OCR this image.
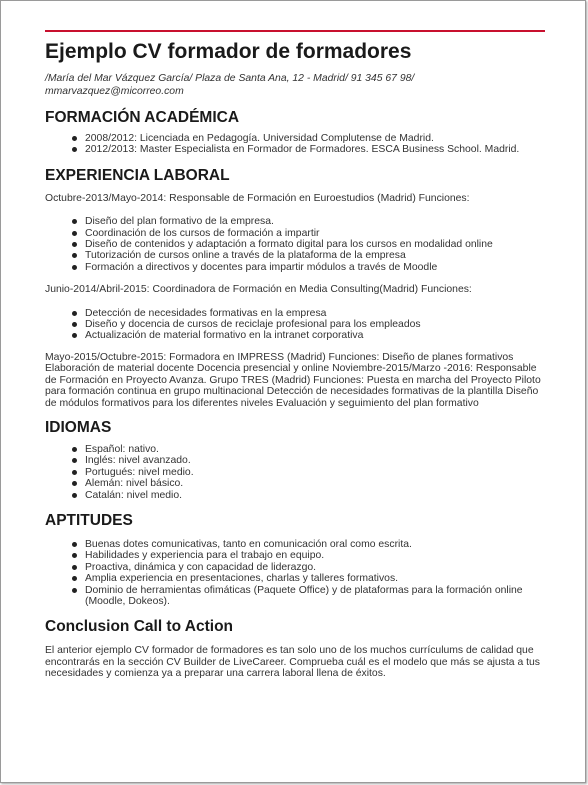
Ejemplo CV formador de formadores
/María del Mar Vázquez García/ Plaza de Santa Ana, 12 - Madrid/ 91 345 67 98/ mmarvazquez@micorreo.com
FORMACIÓN ACADÉMICA
2008/2012: Licenciada en Pedagogía. Universidad Complutense de Madrid.
2012/2013: Master Especialista en Formador de Formadores. ESCA Business School. Madrid.
EXPERIENCIA LABORAL
Octubre-2013/Mayo-2014: Responsable de Formación en Euroestudios (Madrid) Funciones:
Diseño del plan formativo de la empresa.
Coordinación de los cursos de formación a impartir
Diseño de contenidos y adaptación a formato digital para los cursos en modalidad online
Tutorización de cursos online a través de la plataforma de la empresa
Formación a directivos y docentes para impartir módulos a través de Moodle
Junio-2014/Abril-2015: Coordinadora de Formación en Media Consulting(Madrid) Funciones:
Detección de necesidades formativas en la empresa
Diseño y docencia de cursos de reciclaje profesional para los empleados
Actualización de material formativo en la intranet corporativa
Mayo-2015/Octubre-2015: Formadora en IMPRESS (Madrid) Funciones: Diseño de planes formativos Elaboración de material docente Docencia presencial y online Noviembre-2015/Marzo -2016: Responsable de Formación en Proyecto Avanza. Grupo TRES (Madrid) Funciones: Puesta en marcha del Proyecto Piloto para formación continua en grupo multinacional Detección de necesidades formativas de la plantilla Diseño de módulos formativos para los diferentes niveles Evaluación y seguimiento del plan formativo
IDIOMAS
Español: nativo.
Inglés: nivel avanzado.
Portugués: nivel medio.
Alemán: nivel básico.
Catalán: nivel medio.
APTITUDES
Buenas dotes comunicativas, tanto en comunicación oral como escrita.
Habilidades y experiencia para el trabajo en equipo.
Proactiva, dinámica y con capacidad de liderazgo.
Amplia experiencia en presentaciones, charlas y talleres formativos.
Dominio de herramientas ofimáticas (Paquete Office) y de plataformas para la formación online (Moodle, Dokeos).
Conclusion Call to Action
El anterior ejemplo CV formador de formadores es tan solo uno de los muchos currículums de calidad que encontrarás en la sección CV Builder de LiveCareer. Comprueba cuál es el modelo que más se ajusta a tus necesidades y comienza ya a preparar una carrera laboral llena de éxitos.
